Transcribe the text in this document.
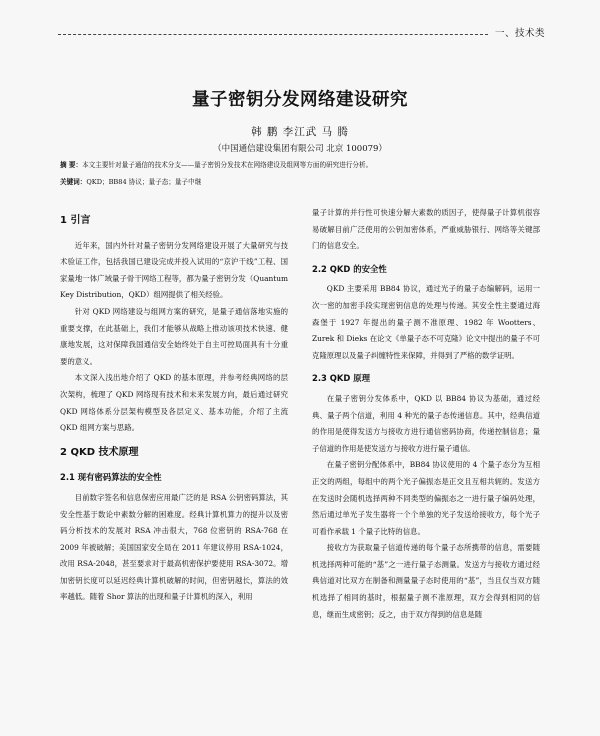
一、技术类
量子密钥分发网络建设研究
韩 鹏 李江武 马 腾
（中国通信建设集团有限公司 北京 100079）
摘 要：本文主要针对量子通信的技术分支——量子密钥分发技术在网络建设及组网等方面的研究进行分析。
关键词：QKD；BB84 协议；量子态；量子中继
1 引言

近年来，国内外针对量子密钥分发网络建设开展了大量研究与技术验证工作，包括我国已建设完成并投入试用的“京沪干线”工程、国家量地一体广域量子骨干网络工程等，都为量子密钥分发（Quantum Key Distribution，QKD）组网提供了相关经验。

针对 QKD 网络建设与组网方案的研究，是量子通信落地实施的重要支撑，在此基础上，我们才能够从战略上推动该项技术快速、健康地发展，这对保障我国通信安全始终处于自主可控局面具有十分重要的意义。

本文深入浅出地介绍了 QKD 的基本原理，并参考经典网络的层次架构，梳理了 QKD 网络现有技术和未来发展方向，最后通过研究 QKD 网络体系分层架构模型及各层定义、基本功能，介绍了主流 QKD 组网方案与思路。

2 QKD 技术原理
2.1 现有密码算法的安全性

目前数字签名和信息保密应用最广泛的是 RSA 公钥密码算法，其安全性基于数论中素数分解的困难度。经典计算机算力的提升以及密码分析技术的发展对 RSA 冲击很大，768 位密钥的 RSA-768 在 2009 年被破解；美国国家安全局在 2011 年建议停用 RSA-1024，改用 RSA-2048，甚至要求对于最高机密保护要使用 RSA-3072。增加密钥长度可以延迟经典计算机破解的时间，但密钥越长，算法的效率越低。随着 Shor 算法的出现和量子计算机的深入，利用

量子计算的并行性可快速分解大素数的质因子，使得量子计算机很容易破解目前广泛使用的公钥加密体系，严重威胁银行、网络等关键部门的信息安全。

2.2 QKD 的安全性

QKD 主要采用 BB84 协议，通过光子的量子态编解码，运用一次一密的加密手段实现密钥信息的处理与传递。其安全性主要通过海森堡于 1927 年提出的量子测不准原理、1982 年 Wootters、Zurek 和 Dieks 在论文《单量子态不可克隆》论文中提出的量子不可克隆原理以及量子纠缠特性来保障，并得到了严格的数学证明。

2.3 QKD 原理

在量子密钥分发体系中，QKD 以 BB84 协议为基础，通过经典、量子两个信道，利用 4 种光的量子态传递信息。其中，经典信道的作用是使得发送方与接收方进行通信密码协商，传递控制信息；量子信道的作用是使发送方与接收方进行量子通信。

在量子密钥分配体系中，BB84 协议使用的 4 个量子态分为互相正交的两组，每组中的两个光子偏振态是正交且互相共轭的。发送方在发送时会随机选择两种不同类型的偏振态之一进行量子编码处理，然后通过单光子发生器将一个个单独的光子发送给接收方，每个光子可看作承载 1 个量子比特的信息。

接收方为获取量子信道传递的每个量子态所携带的信息，需要随机选择两种可能的“基”之一进行量子态测量。发送方与接收方通过经典信道对比双方在制备和测量量子态时使用的“基”，当且仅当双方随机选择了相同的基时，根据量子测不准原理，双方会得到相同的信息，继而生成密钥；反之，由于双方得到的信息是随
